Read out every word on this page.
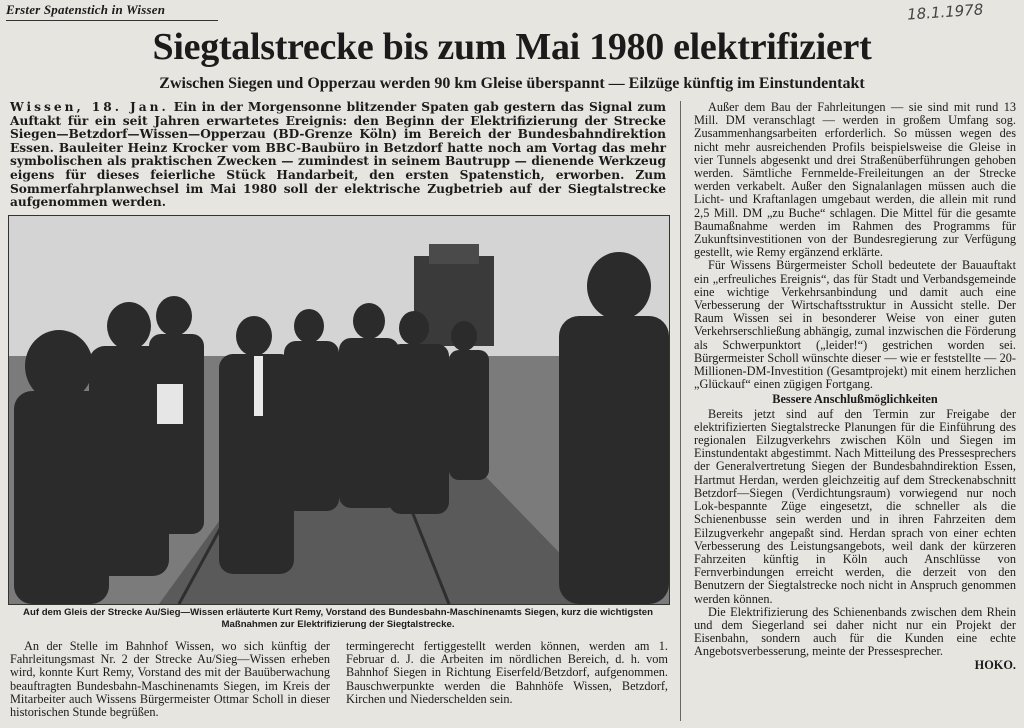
Erster Spatenstich in Wissen	18.1.1978
Siegtalstrecke bis zum Mai 1980 elektrifiziert
Zwischen Siegen und Opperzau werden 90 km Gleise überspannt — Eilzüge künftig im Einstundentakt

Wissen, 18. Jan. Ein in der Morgensonne blitzender Spaten gab gestern das Signal zum Auftakt für ein seit Jahren erwartetes Ereignis: den Beginn der Elektrifizierung der Strecke Siegen—Betzdorf—Wissen—Opperzau (BD-Grenze Köln) im Bereich der Bundesbahndirektion Essen. Bauleiter Heinz Krocker vom BBC-Baubüro in Betzdorf hatte noch am Vortag das mehr symbolischen als praktischen Zwecken — zumindest in seinem Bautrupp — dienende Werkzeug eigens für dieses feierliche Stück Handarbeit, den ersten Spatenstich, erworben. Zum Sommerfahrplanwechsel im Mai 1980 soll der elektrische Zugbetrieb auf der Siegtalstrecke aufgenommen werden.

Auf dem Gleis der Strecke Au/Sieg—Wissen erläuterte Kurt Remy, Vorstand des Bundesbahn-Maschinenamts Siegen, kurz die wichtigsten Maßnahmen zur Elektrifizierung der Siegtalstrecke.

An der Stelle im Bahnhof Wissen, wo sich künftig der Fahrleitungsmast Nr. 2 der Strecke Au/Sieg—Wissen erheben wird, konnte Kurt Remy, Vorstand des mit der Bauüberwachung beauftragten Bundesbahn-Maschinenamts Siegen, im Kreis der Mitarbeiter auch Wissens Bürgermeister Ottmar Scholl in dieser historischen Stunde begrüßen.

termingerecht fertiggestellt werden können, werden am 1. Februar d. J. die Arbeiten im nördlichen Bereich, d. h. vom Bahnhof Siegen in Richtung Eiserfeld/Betzdorf, aufgenommen. Bauschwerpunkte werden die Bahnhöfe Wissen, Betzdorf, Kirchen und Niederschelden sein.

Außer dem Bau der Fahrleitungen — sie sind mit rund 13 Mill. DM veranschlagt — werden in großem Umfang sog. Zusammenhangsarbeiten erforderlich. So müssen wegen des nicht mehr ausreichenden Profils beispielsweise die Gleise in vier Tunnels abgesenkt und drei Straßenüberführungen gehoben werden. Sämtliche Fernmelde-Freileitungen an der Strecke werden verkabelt. Außer den Signalanlagen müssen auch die Licht- und Kraftanlagen umgebaut werden, die allein mit rund 2,5 Mill. DM „zu Buche“ schlagen. Die Mittel für die gesamte Baumaßnahme werden im Rahmen des Programms für Zukunftsinvestitionen von der Bundesregierung zur Verfügung gestellt, wie Remy ergänzend erklärte.

Für Wissens Bürgermeister Scholl bedeutete der Bauauftakt ein „erfreuliches Ereignis“, das für Stadt und Verbandsgemeinde eine wichtige Verkehrsanbindung und damit auch eine Verbesserung der Wirtschaftsstruktur in Aussicht stelle. Der Raum Wissen sei in besonderer Weise von einer guten Verkehrserschließung abhängig, zumal inzwischen die Förderung als Schwerpunktort („leider!“) gestrichen worden sei. Bürgermeister Scholl wünschte dieser — wie er feststellte — 20-Millionen-DM-Investition (Gesamtprojekt) mit einem herzlichen „Glückauf“ einen zügigen Fortgang.

Bessere Anschlußmöglichkeiten

Bereits jetzt sind auf den Termin zur Freigabe der elektrifizierten Siegtalstrecke Planungen für die Einführung des regionalen Eilzugverkehrs zwischen Köln und Siegen im Einstundentakt abgestimmt. Nach Mitteilung des Pressesprechers der Generalvertretung Siegen der Bundesbahndirektion Essen, Hartmut Herdan, werden gleichzeitig auf dem Streckenabschnitt Betzdorf—Siegen (Verdichtungsraum) vorwiegend nur noch Lok-bespannte Züge eingesetzt, die schneller als die Schienenbusse sein werden und in ihren Fahrzeiten dem Eilzugverkehr angepaßt sind. Herdan sprach von einer echten Verbesserung des Leistungsangebots, weil dank der kürzeren Fahrzeiten künftig in Köln auch Anschlüsse von Fernverbindungen erreicht werden, die derzeit von den Benutzern der Siegtalstrecke noch nicht in Anspruch genommen werden können.

Die Elektrifizierung des Schienenbands zwischen dem Rhein und dem Siegerland sei daher nicht nur ein Projekt der Eisenbahn, sondern auch für die Kunden eine echte Angebotsverbesserung, meinte der Pressesprecher.

HOKO.
